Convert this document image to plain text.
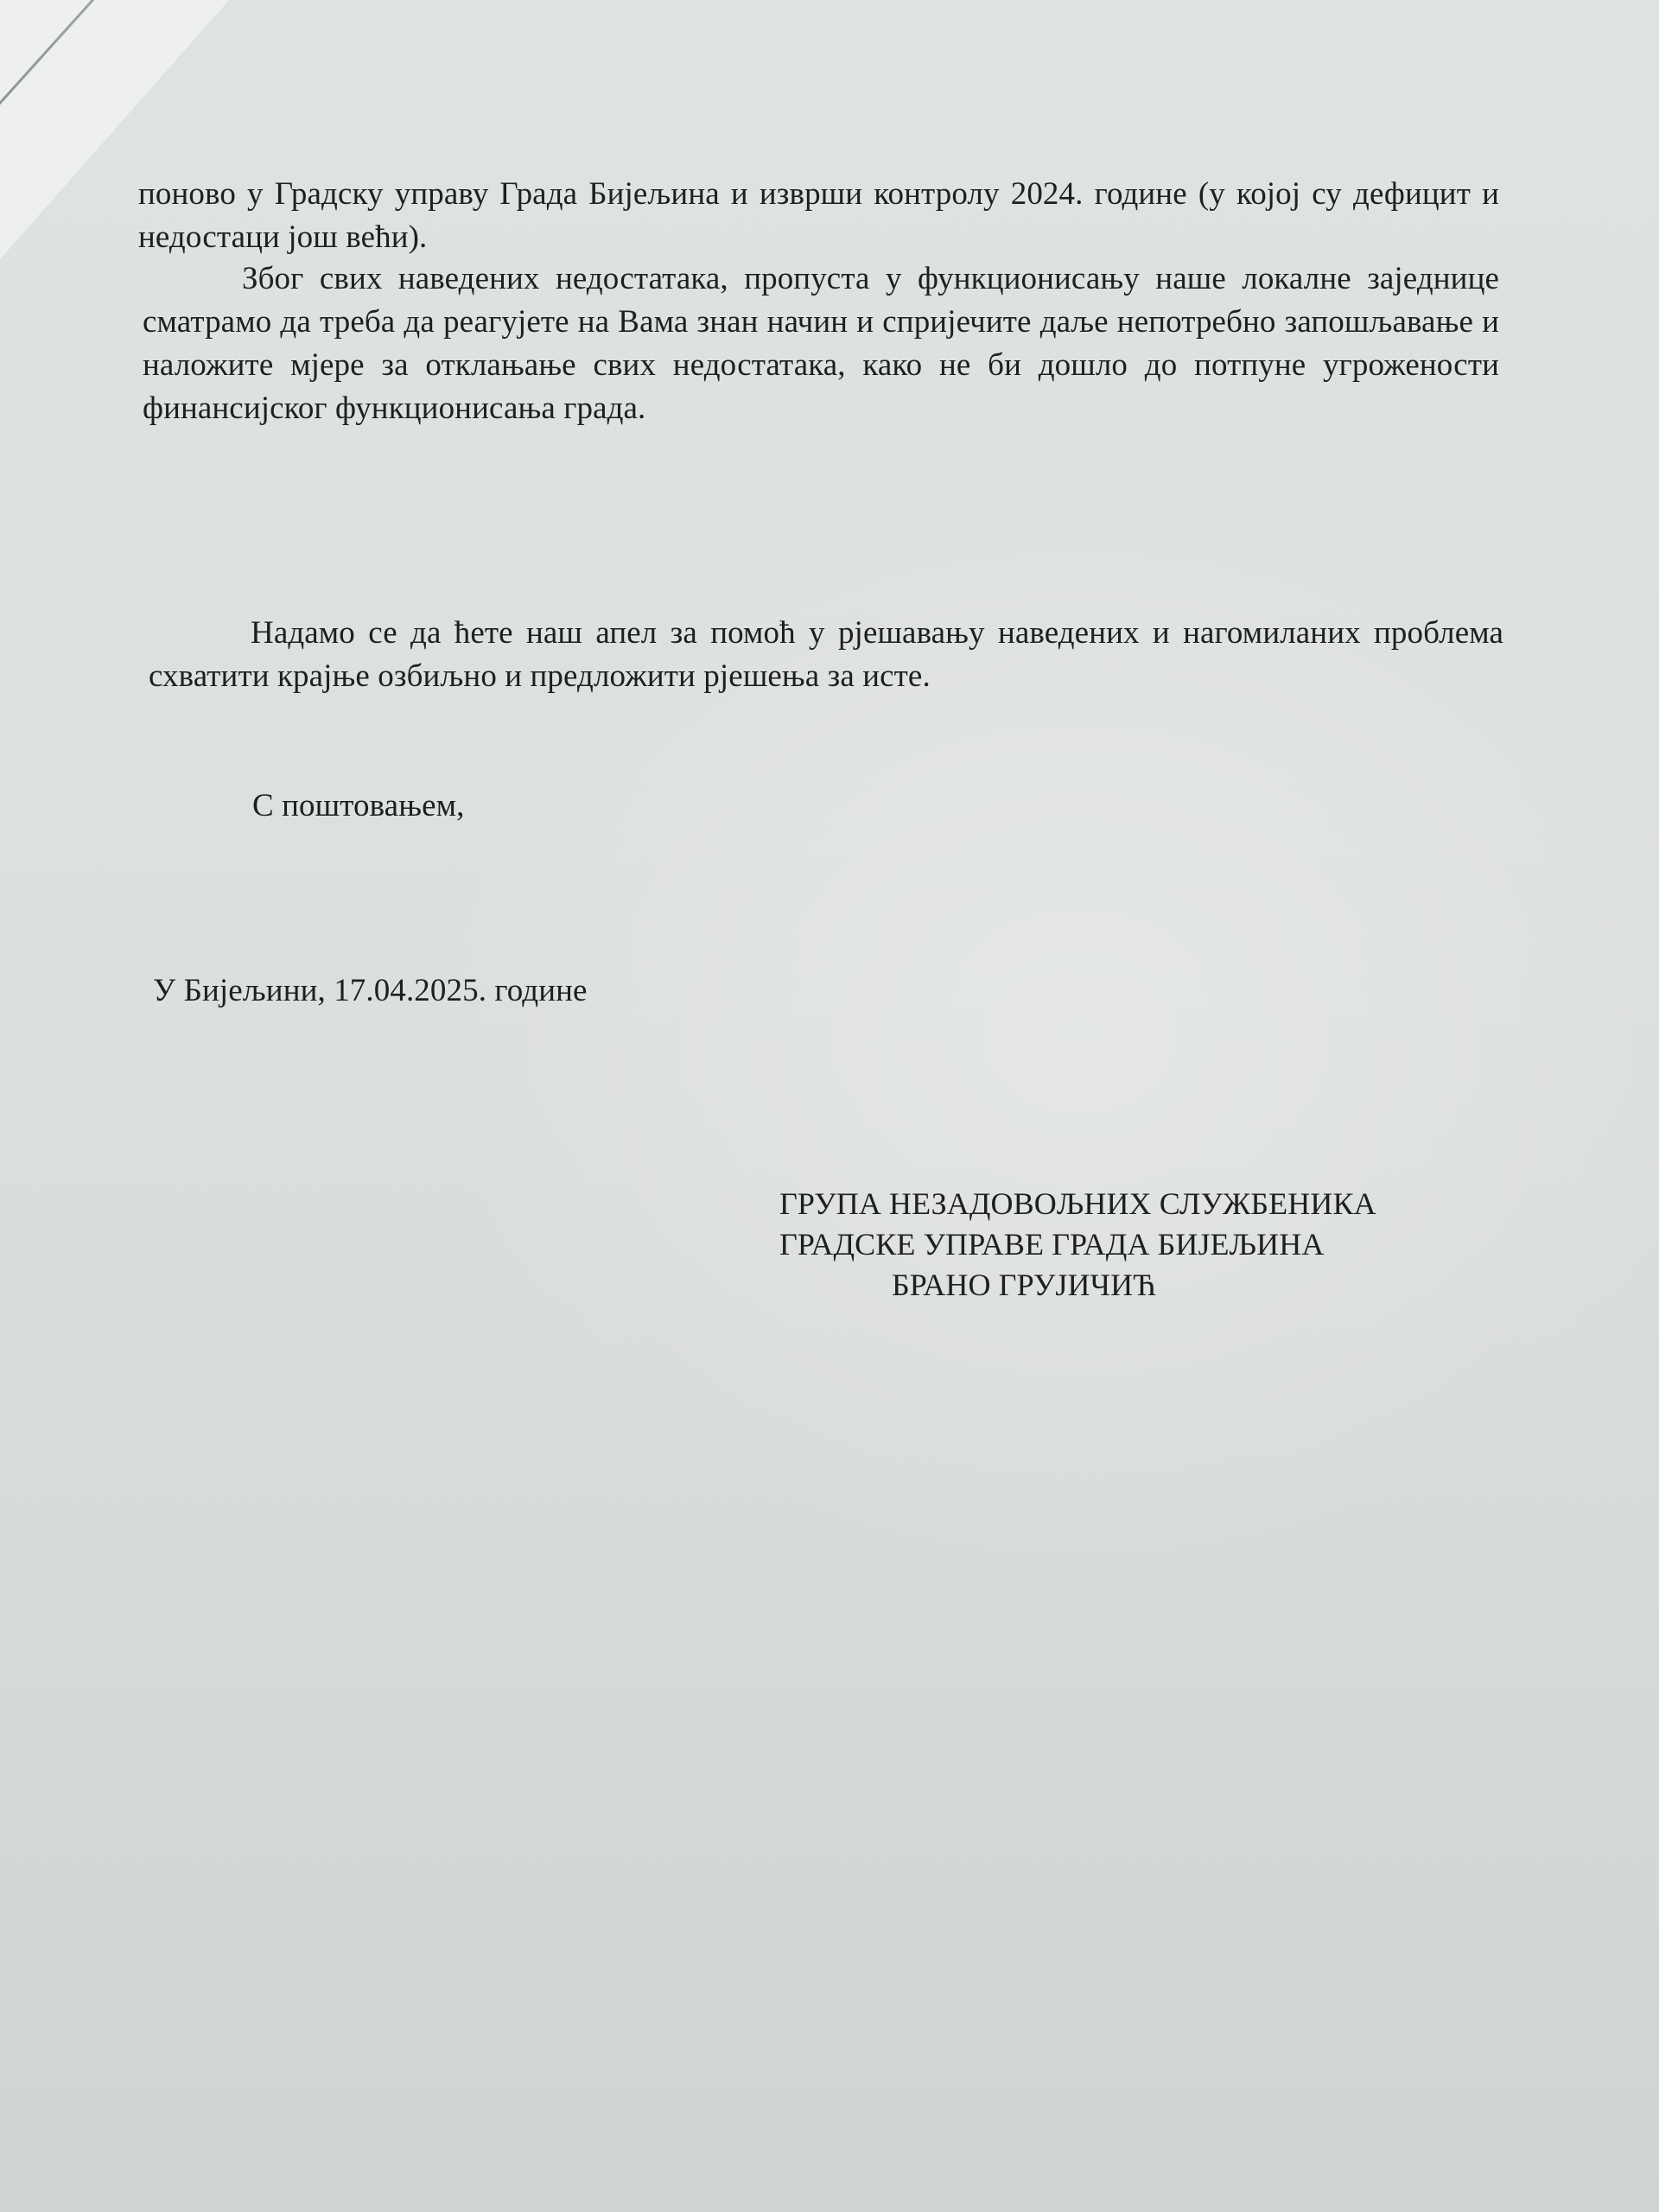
поново у Градску управу Града Бијељина и изврши контролу 2024. године (у којој су дефицит и недостаци још већи).
Због свих наведених недостатака, пропуста у функционисању наше локалне заједнице сматрамо да треба да реагујете на Вама знан начин и спријечите даље непотребно запошљавање и наложите мјере за отклањање свих недостатака, како не би дошло до потпуне угрожености финансијског функционисања града.
Надамо се да ћете наш апел за помоћ у рјешавању наведених и нагомиланих проблема схватити крајње озбиљно и предложити рјешења за исте.
С поштовањем,
У Бијељини, 17.04.2025. године
ГРУПА НЕЗАДОВОЉНИХ СЛУЖБЕНИКА
ГРАДСКЕ УПРАВЕ ГРАДА БИЈЕЉИНА
БРАНО ГРУЈИЧИЋ
